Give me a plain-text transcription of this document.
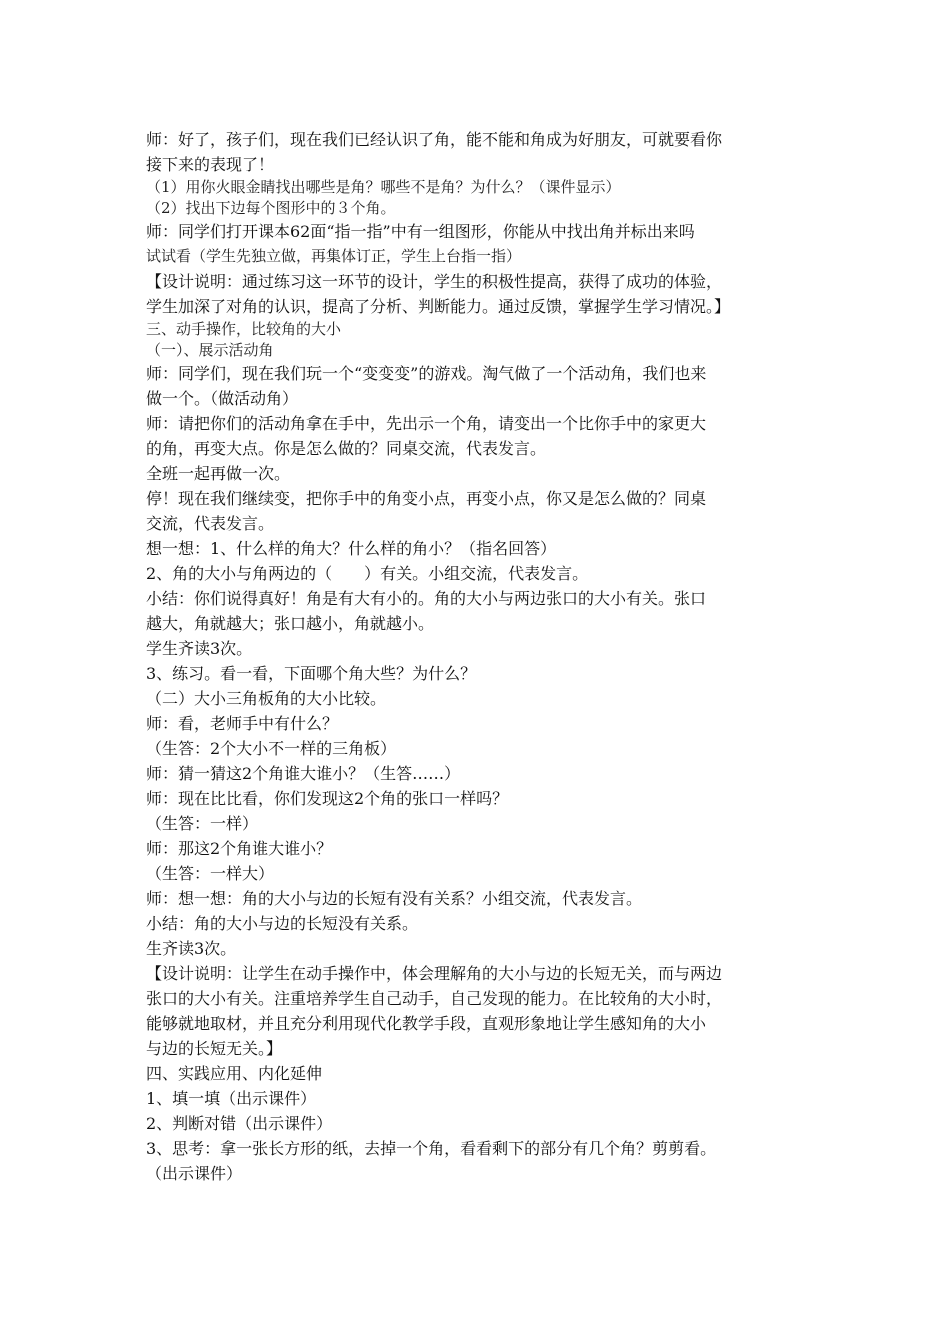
师：好了，孩子们，现在我们已经认识了角，能不能和角成为好朋友，可就要看你
接下来的表现了！
（1）用你火眼金睛找出哪些是角？哪些不是角？为什么？（课件显示）
（2）找出下边每个图形中的３个角。
师：同学们打开课本62面“指一指”中有一组图形，你能从中找出角并标出来吗
试试看（学生先独立做，再集体订正，学生上台指一指）
【设计说明：通过练习这一环节的设计，学生的积极性提高，获得了成功的体验，
学生加深了对角的认识，提高了分析、判断能力。通过反馈，掌握学生学习情况。】
三、动手操作，比较角的大小
（一）、展示活动角
师：同学们，现在我们玩一个“变变变”的游戏。淘气做了一个活动角，我们也来
做一个。（做活动角）
师：请把你们的活动角拿在手中，先出示一个角，请变出一个比你手中的家更大
的角，再变大点。你是怎么做的？同桌交流，代表发言。
全班一起再做一次。
停！现在我们继续变，把你手中的角变小点，再变小点，你又是怎么做的？同桌
交流，代表发言。
想一想：1、什么样的角大？什么样的角小？（指名回答）
2、角的大小与角两边的（　　）有关。小组交流，代表发言。
小结：你们说得真好！角是有大有小的。角的大小与两边张口的大小有关。张口
越大，角就越大；张口越小，角就越小。
学生齐读3次。
3、练习。看一看，下面哪个角大些？为什么？
（二）大小三角板角的大小比较。
师：看，老师手中有什么？
（生答：2个大小不一样的三角板）
师：猜一猜这2个角谁大谁小？（生答……）
师：现在比比看，你们发现这2个角的张口一样吗？
（生答：一样）
师：那这2个角谁大谁小？
（生答：一样大）
师：想一想：角的大小与边的长短有没有关系？小组交流，代表发言。
小结：角的大小与边的长短没有关系。
生齐读3次。
【设计说明：让学生在动手操作中，体会理解角的大小与边的长短无关，而与两边
张口的大小有关。注重培养学生自己动手，自己发现的能力。在比较角的大小时，
能够就地取材，并且充分利用现代化教学手段，直观形象地让学生感知角的大小
与边的长短无关。】
四、实践应用、内化延伸
1、填一填（出示课件）
2、判断对错（出示课件）
3、思考：拿一张长方形的纸，去掉一个角，看看剩下的部分有几个角？剪剪看。
（出示课件）
